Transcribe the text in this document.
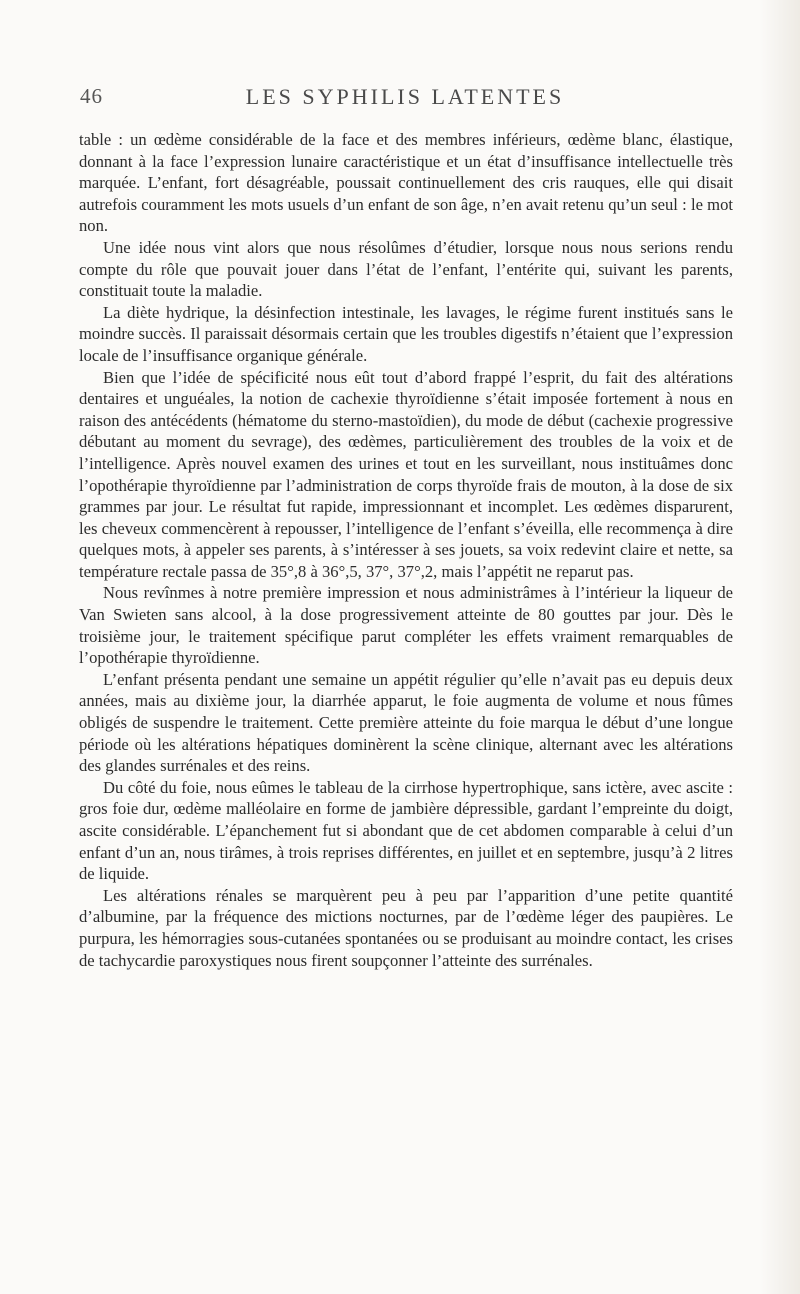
46	LES SYPHILIS LATENTES

table : un œdème considérable de la face et des membres inférieurs, œdème blanc, élastique, donnant à la face l’expression lunaire caractéristique et un état d’insuffisance intellectuelle très marquée. L’enfant, fort désagréable, poussait continuellement des cris rauques, elle qui disait autrefois couramment les mots usuels d’un enfant de son âge, n’en avait retenu qu’un seul : le mot non.

Une idée nous vint alors que nous résolûmes d’étudier, lorsque nous nous serions rendu compte du rôle que pouvait jouer dans l’état de l’enfant, l’entérite qui, suivant les parents, constituait toute la maladie.

La diète hydrique, la désinfection intestinale, les lavages, le régime furent institués sans le moindre succès. Il paraissait désormais certain que les troubles digestifs n’étaient que l’expression locale de l’insuffisance organique générale.

Bien que l’idée de spécificité nous eût tout d’abord frappé l’esprit, du fait des altérations dentaires et unguéales, la notion de cachexie thyroïdienne s’était imposée fortement à nous en raison des antécédents (hématome du sterno-mastoïdien), du mode de début (cachexie progressive débutant au moment du sevrage), des œdèmes, particulièrement des troubles de la voix et de l’intelligence. Après nouvel examen des urines et tout en les surveillant, nous instituâmes donc l’opothérapie thyroïdienne par l’administration de corps thyroïde frais de mouton, à la dose de six grammes par jour. Le résultat fut rapide, impressionnant et incomplet. Les œdèmes disparurent, les cheveux commencèrent à repousser, l’intelligence de l’enfant s’éveilla, elle recommença à dire quelques mots, à appeler ses parents, à s’intéresser à ses jouets, sa voix redevint claire et nette, sa température rectale passa de 35°,8 à 36°,5, 37°, 37°,2, mais l’appétit ne reparut pas.

Nous revînmes à notre première impression et nous administrâmes à l’intérieur la liqueur de Van Swieten sans alcool, à la dose progressivement atteinte de 80 gouttes par jour. Dès le troisième jour, le traitement spécifique parut compléter les effets vraiment remarquables de l’opothérapie thyroïdienne.

L’enfant présenta pendant une semaine un appétit régulier qu’elle n’avait pas eu depuis deux années, mais au dixième jour, la diarrhée apparut, le foie augmenta de volume et nous fûmes obligés de suspendre le traitement. Cette première atteinte du foie marqua le début d’une longue période où les altérations hépatiques dominèrent la scène clinique, alternant avec les altérations des glandes surrénales et des reins.

Du côté du foie, nous eûmes le tableau de la cirrhose hypertrophique, sans ictère, avec ascite : gros foie dur, œdème malléolaire en forme de jambière dépressible, gardant l’empreinte du doigt, ascite considérable. L’épanchement fut si abondant que de cet abdomen comparable à celui d’un enfant d’un an, nous tirâmes, à trois reprises différentes, en juillet et en septembre, jusqu’à 2 litres de liquide.

Les altérations rénales se marquèrent peu à peu par l’apparition d’une petite quantité d’albumine, par la fréquence des mictions nocturnes, par de l’œdème léger des paupières. Le purpura, les hémorragies sous-cutanées spontanées ou se produisant au moindre contact, les crises de tachycardie paroxystiques nous firent soupçonner l’atteinte des surrénales.
